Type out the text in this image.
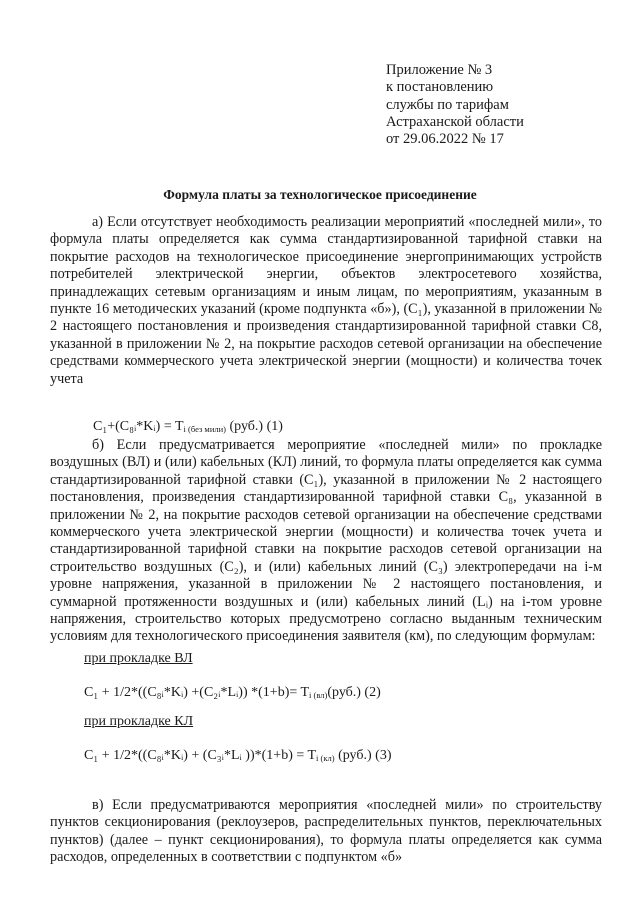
Приложение № 3
к постановлению
службы по тарифам
Астраханской области
от 29.06.2022 № 17
Формула платы за технологическое присоединение

а) Если отсутствует необходимость реализации мероприятий «последней мили», то формула платы определяется как сумма стандартизированной тарифной ставки на покрытие расходов на технологическое присоединение энергопринимающих устройств потребителей электрической энергии, объектов электросетевого хозяйства, принадлежащих сетевым организациям и иным лицам, по мероприятиям, указанным в пункте 16 методических указаний (кроме подпункта «б»), (C₁), указанной в приложении № 2 настоящего постановления и произведения стандартизированной тарифной ставки С8, указанной в приложении № 2, на покрытие расходов сетевой организации на обеспечение средствами коммерческого учета электрической энергии (мощности) и количества точек учета

C₁+(C₈ᵢ*Kᵢ) = $T_{i (без мили)}$ (руб.) (1)

б) Если предусматривается мероприятие «последней мили» по прокладке воздушных (ВЛ) и (или) кабельных (КЛ) линий, то формула платы определяется как сумма стандартизированной тарифной ставки (C₁), указанной в приложении № 2 настоящего постановления, произведения стандартизированной тарифной ставки C₈, указанной в приложении № 2, на покрытие расходов сетевой организации на обеспечение средствами коммерческого учета электрической энергии (мощности) и количества точек учета и стандартизированной тарифной ставки на покрытие расходов сетевой организации на строительство воздушных (C₂), и (или) кабельных линий (C₃) электропередачи на i-м уровне напряжения, указанной в приложении № 2 настоящего постановления, и суммарной протяженности воздушных и (или) кабельных линий (Lᵢ) на i-том уровне напряжения, строительство которых предусмотрено согласно выданным техническим условиям для технологического присоединения заявителя (км), по следующим формулам:

при прокладке ВЛ
C₁ + 1/2*((C₈ᵢ*Kᵢ) +(C₂ᵢ*Lᵢ)) $*(1+b)= T_{i (вл)}(руб.)$ (2)
при прокладке КЛ
C₁ + 1/2*((C₈ᵢ*Kᵢ) + (C₃ᵢ*Lᵢ ))$*(1+b) = T_{i (кл)}$ (руб.) (3)

в) Если предусматриваются мероприятия «последней мили» по строительству пунктов секционирования (реклоузеров, распределительных пунктов, переключательных пунктов) (далее – пункт секционирования), то формула платы определяется как сумма расходов, определенных в соответствии с подпунктом «б»
